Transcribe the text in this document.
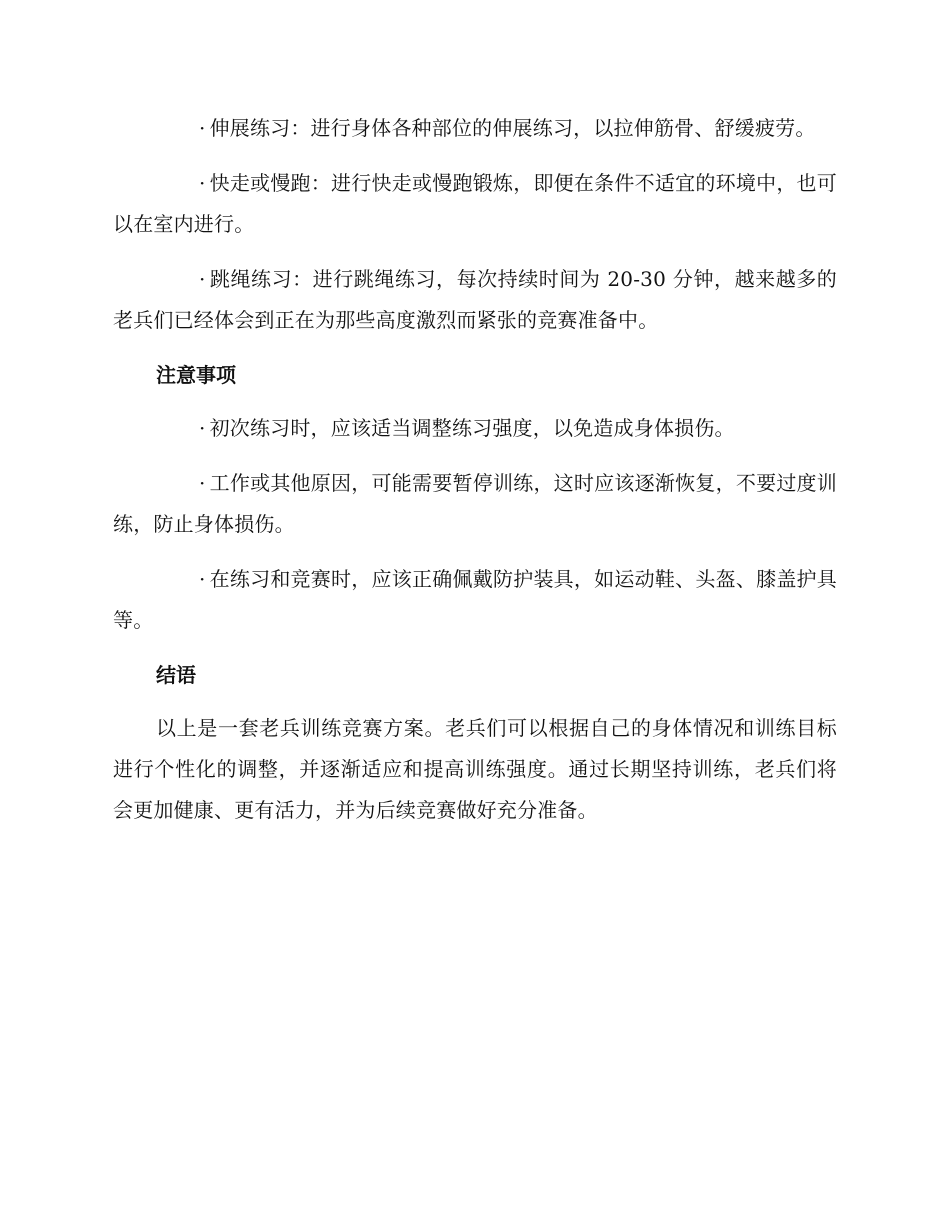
· 伸展练习：进行身体各种部位的伸展练习，以拉伸筋骨、舒缓疲劳。

· 快走或慢跑：进行快走或慢跑锻炼，即便在条件不适宜的环境中，也可以在室内进行。

· 跳绳练习：进行跳绳练习，每次持续时间为 20-30 分钟，越来越多的老兵们已经体会到正在为那些高度激烈而紧张的竞赛准备中。

注意事项

· 初次练习时，应该适当调整练习强度，以免造成身体损伤。

· 工作或其他原因，可能需要暂停训练，这时应该逐渐恢复，不要过度训练，防止身体损伤。

· 在练习和竞赛时，应该正确佩戴防护装具，如运动鞋、头盔、膝盖护具等。

结语

以上是一套老兵训练竞赛方案。老兵们可以根据自己的身体情况和训练目标进行个性化的调整，并逐渐适应和提高训练强度。通过长期坚持训练，老兵们将会更加健康、更有活力，并为后续竞赛做好充分准备。
